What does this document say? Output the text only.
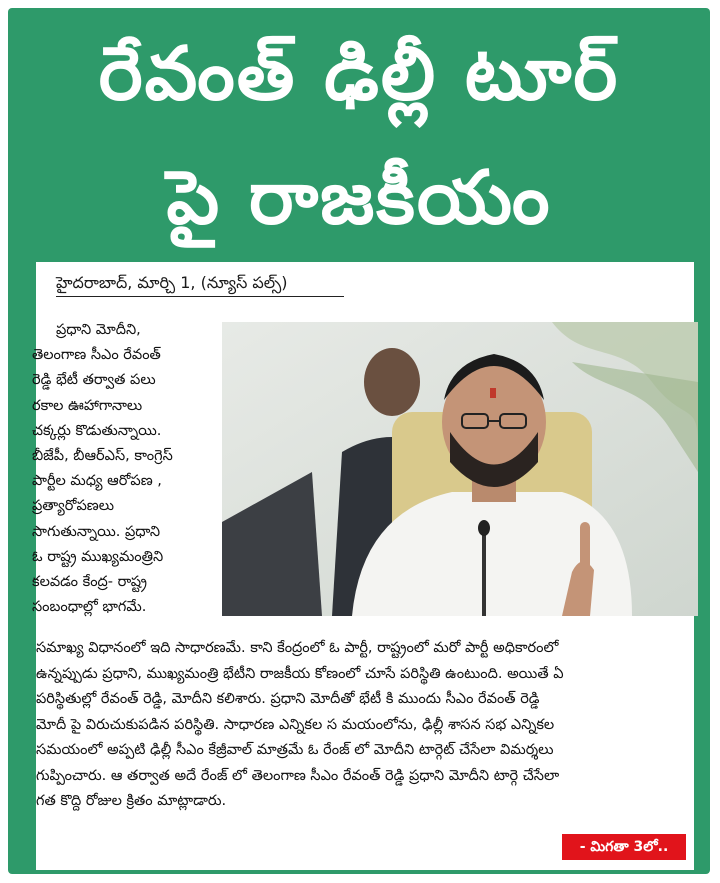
రేవంత్ ఢిల్లీ టూర్
పై రాజకీయం
హైదరాబాద్, మార్చి 1, (న్యూస్ పల్స్)
ప్రధాని మోదీని,
తెలంగాణ సీఎం రేవంత్
రెడ్డి భేటీ తర్వాత పలు
రకాల ఊహాగానాలు
చక్కర్లు కొడుతున్నాయి.
బీజేపీ, బీఆర్ఎస్, కాంగ్రెస్
పార్టీల మధ్య ఆరోపణ ,
ప్రత్యారోపణలు
సాగుతున్నాయి. ప్రధాని
ఓ రాష్ట్ర ముఖ్యమంత్రిని
కలవడం కేంద్ర- రాష్ట్ర
సంబంధాల్లో భాగమే.
సమాఖ్య విధానంలో ఇది సాధారణమే. కాని కేంద్రంలో ఓ పార్టీ, రాష్ట్రంలో మరో పార్టీ అధికారంలో
ఉన్నప్పుడు ప్రధాని, ముఖ్యమంత్రి భేటీని రాజకీయ కోణంలో చూసే పరిస్థితి ఉంటుంది. అయితే ఏ
పరిస్థితుల్లో రేవంత్ రెడ్డి, మోదీని కలిశారు. ప్రధాని మోదీతో భేటీ కి ముందు సీఎం రేవంత్ రెడ్డి
మోదీ పై విరుచుకుపడిన పరిస్థితి. సాధారణ ఎన్నికల స మయంలోను, ఢిల్లీ శాసన సభ ఎన్నికల
సమయంలో అప్పటి ఢిల్లీ సీఎం కేజ్రీవాల్ మాత్రమే ఓ రేంజ్ లో మోదీని టార్గెట్ చేసేలా విమర్శలు
గుప్పించారు. ఆ తర్వాత అదే రేంజ్ లో తెలంగాణ సీఎం రేవంత్ రెడ్డి ప్రధాని మోదీని టార్గె చేసేలా
గత కొద్ది రోజుల క్రితం మాట్లాడారు.
- మిగతా 3లో..
